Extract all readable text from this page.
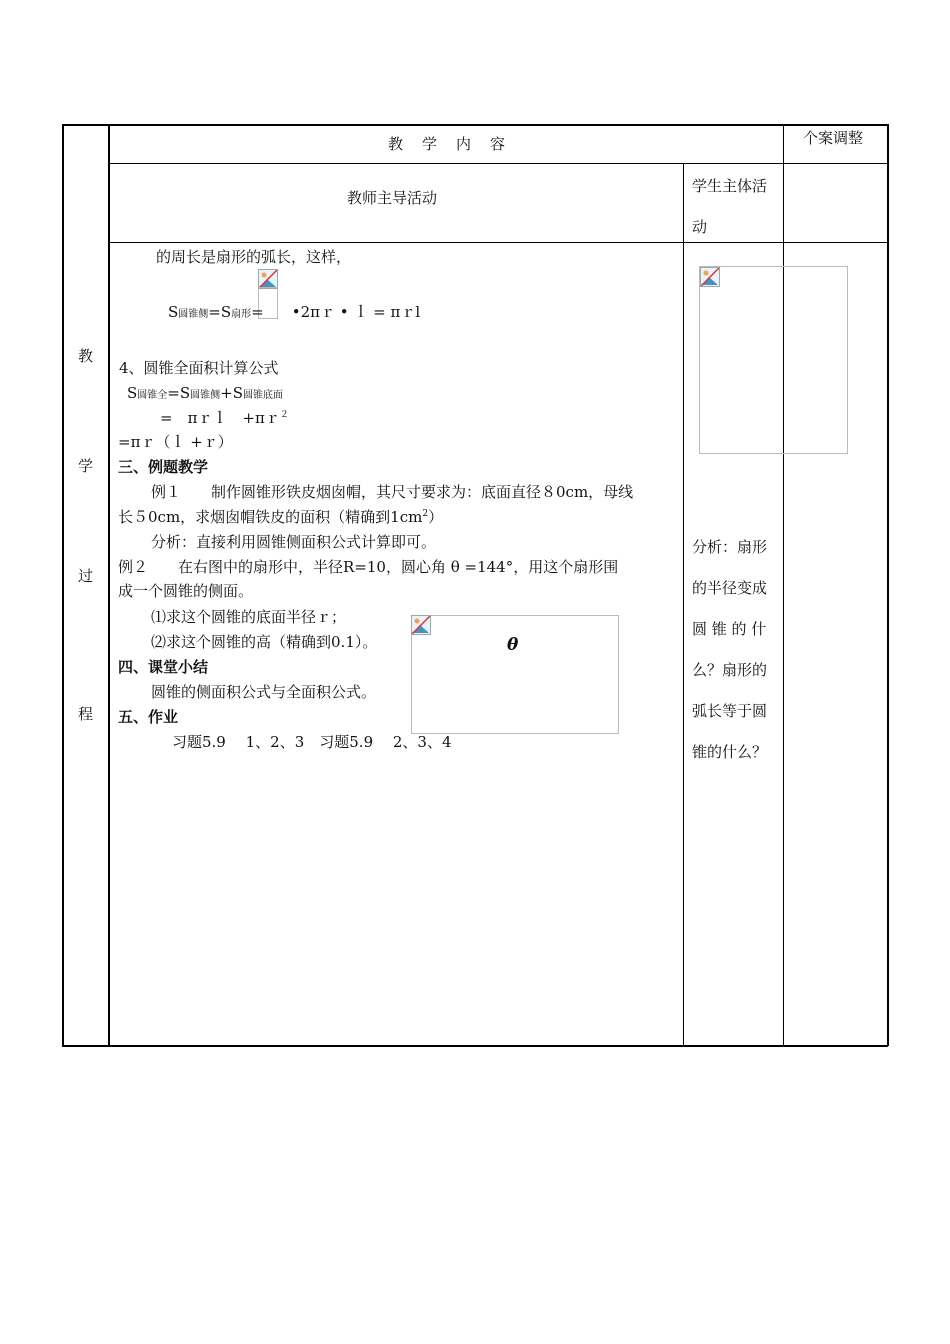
教　学　内　容	个案调整
教师主导活动
学生主体活动
教
学
过
程
的周长是扇形的弧长，这样，
S圆锥侧=S扇形= •2πｒ • ｌ = πｒl
4、圆锥全面积计算公式
S圆锥全=S圆锥侧+S圆锥底面
=　πｒｌ　+πｒ$^2$
=πｒ（ｌ +ｒ）
三、例题教学
例１　　制作圆锥形铁皮烟囱帽，其尺寸要求为：底面直径８0cm，母线
长５0cm，求烟囱帽铁皮的面积（精确到$1cm^2$）
分析：直接利用圆锥侧面积公式计算即可。
例２　　在右图中的扇形中，半径R=10，圆心角 θ =144°，用这个扇形围
成一个圆锥的侧面。
⑴求这个圆锥的底面半径ｒ；
⑵求这个圆锥的高（精确到0.1）。	θ
四、课堂小结
圆锥的侧面积公式与全面积公式。
五、作业
习题5.9　 1、2、3　习题5.9　 2、3、4
分析：扇形
的半径变成
圆 锥 的 什
么？扇形的
弧长等于圆
锥的什么？
